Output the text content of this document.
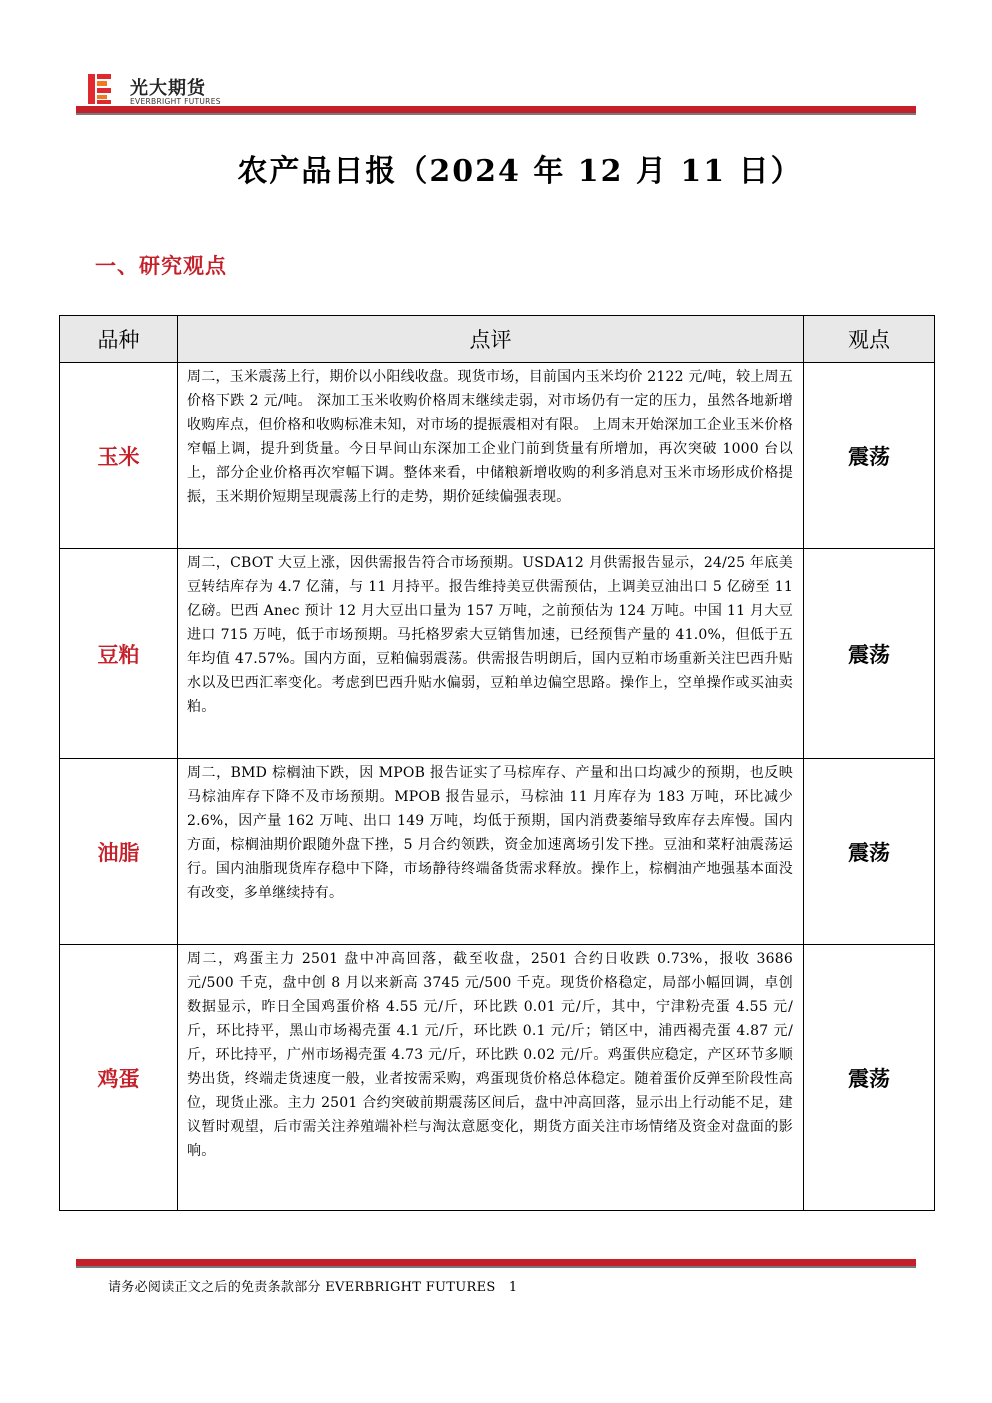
光大期货
EVERBRIGHT FUTURES
农产品日报（2024 年 12 月 11 日）
一、研究观点
品种	点评	观点
玉米	周二，玉米震荡上行，期价以小阳线收盘。现货市场，目前国内玉米均价 2122 元/吨，较上周五价格下跌 2 元/吨。 深加工玉米收购价格周末继续走弱，对市场仍有一定的压力，虽然各地新增收购库点，但价格和收购标准未知，对市场的提振震相对有限。 上周末开始深加工企业玉米价格窄幅上调，提升到货量。今日早间山东深加工企业门前到货量有所增加，再次突破 1000 台以上，部分企业价格再次窄幅下调。整体来看，中储粮新增收购的利多消息对玉米市场形成价格提振，玉米期价短期呈现震荡上行的走势，期价延续偏强表现。	震荡
豆粕	周二，CBOT 大豆上涨，因供需报告符合市场预期。USDA12 月供需报告显示，24/25 年底美豆转结库存为 4.7 亿蒲，与 11 月持平。报告维持美豆供需预估，上调美豆油出口 5 亿磅至 11 亿磅。巴西 Anec 预计 12 月大豆出口量为 157 万吨，之前预估为 124 万吨。中国 11 月大豆进口 715 万吨，低于市场预期。马托格罗索大豆销售加速，已经预售产量的 41.0%，但低于五年均值 47.57%。国内方面，豆粕偏弱震荡。供需报告明朗后，国内豆粕市场重新关注巴西升贴水以及巴西汇率变化。考虑到巴西升贴水偏弱，豆粕单边偏空思路。操作上，空单操作或买油卖粕。	震荡
油脂	周二，BMD 棕榈油下跌，因 MPOB 报告证实了马棕库存、产量和出口均减少的预期，也反映马棕油库存下降不及市场预期。MPOB 报告显示，马棕油 11 月库存为 183 万吨，环比减少 2.6%，因产量 162 万吨、出口 149 万吨，均低于预期，国内消费萎缩导致库存去库慢。国内方面，棕榈油期价跟随外盘下挫，5 月合约领跌，资金加速离场引发下挫。豆油和菜籽油震荡运行。国内油脂现货库存稳中下降，市场静待终端备货需求释放。操作上，棕榈油产地强基本面没有改变，多单继续持有。	震荡
鸡蛋	周二，鸡蛋主力 2501 盘中冲高回落，截至收盘，2501 合约日收跌 0.73%，报收 3686 元/500 千克，盘中创 8 月以来新高 3745 元/500 千克。现货价格稳定，局部小幅回调，卓创数据显示，昨日全国鸡蛋价格 4.55 元/斤，环比跌 0.01 元/斤，其中，宁津粉壳蛋 4.55 元/斤，环比持平，黑山市场褐壳蛋 4.1 元/斤，环比跌 0.1 元/斤；销区中，浦西褐壳蛋 4.87 元/斤，环比持平，广州市场褐壳蛋 4.73 元/斤，环比跌 0.02 元/斤。鸡蛋供应稳定，产区环节多顺势出货，终端走货速度一般，业者按需采购，鸡蛋现货价格总体稳定。随着蛋价反弹至阶段性高位，现货止涨。主力 2501 合约突破前期震荡区间后，盘中冲高回落，显示出上行动能不足，建议暂时观望，后市需关注养殖端补栏与淘汰意愿变化，期货方面关注市场情绪及资金对盘面的影响。	震荡
请务必阅读正文之后的免责条款部分 EVERBRIGHT FUTURES 1
